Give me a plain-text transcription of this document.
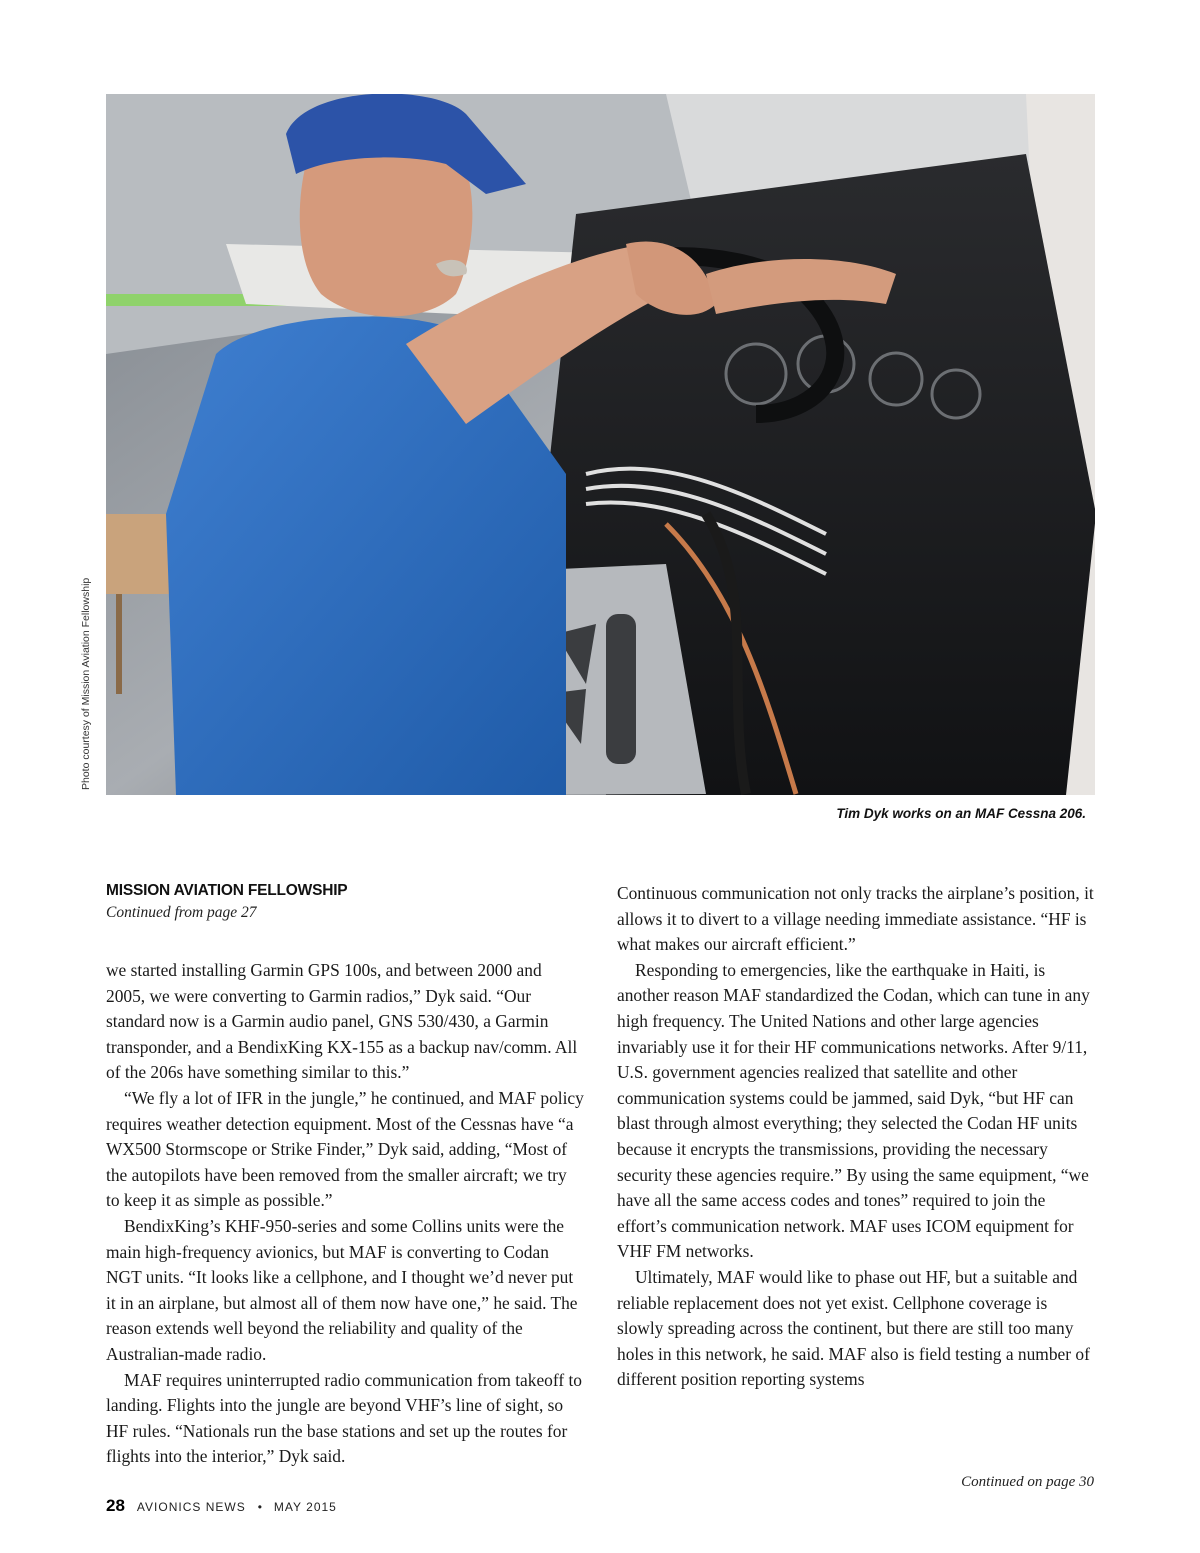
Photo courtesy of Mission Aviation Fellowship
Tim Dyk works on an MAF Cessna 206.
MISSION AVIATION FELLOWSHIP
Continued from page 27

we started installing Garmin GPS 100s, and between 2000 and 2005, we were converting to Garmin radios,” Dyk said. “Our standard now is a Garmin audio panel, GNS 530/430, a Garmin transponder, and a BendixKing KX-155 as a backup nav/comm. All of the 206s have something similar to this.”

“We fly a lot of IFR in the jungle,” he continued, and MAF policy requires weather detection equipment. Most of the Cessnas have “a WX500 Stormscope or Strike Finder,” Dyk said, adding, “Most of the autopilots have been removed from the smaller aircraft; we try to keep it as simple as possible.”

BendixKing’s KHF-950-series and some Collins units were the main high-frequency avionics, but MAF is converting to Codan NGT units. “It looks like a cellphone, and I thought we’d never put it in an airplane, but almost all of them now have one,” he said. The reason extends well beyond the reliability and quality of the Australian-made radio.

MAF requires uninterrupted radio communication from takeoff to landing. Flights into the jungle are beyond VHF’s line of sight, so HF rules. “Nationals run the base stations and set up the routes for flights into the interior,” Dyk said.

Continuous communication not only tracks the airplane’s position, it allows it to divert to a village needing immediate assistance. “HF is what makes our aircraft efficient.”

Responding to emergencies, like the earthquake in Haiti, is another reason MAF standardized the Codan, which can tune in any high frequency. The United Nations and other large agencies invariably use it for their HF communications networks. After 9/11, U.S. government agencies realized that satellite and other communication systems could be jammed, said Dyk, “but HF can blast through almost everything; they selected the Codan HF units because it encrypts the transmissions, providing the necessary security these agencies require.” By using the same equipment, “we have all the same access codes and tones” required to join the effort’s communication network. MAF uses ICOM equipment for VHF FM networks.

Ultimately, MAF would like to phase out HF, but a suitable and reliable replacement does not yet exist. Cellphone coverage is slowly spreading across the continent, but there are still too many holes in this network, he said. MAF also is field testing a number of different position reporting systems

Continued on page 30
28 AVIONICS NEWS • MAY 2015
